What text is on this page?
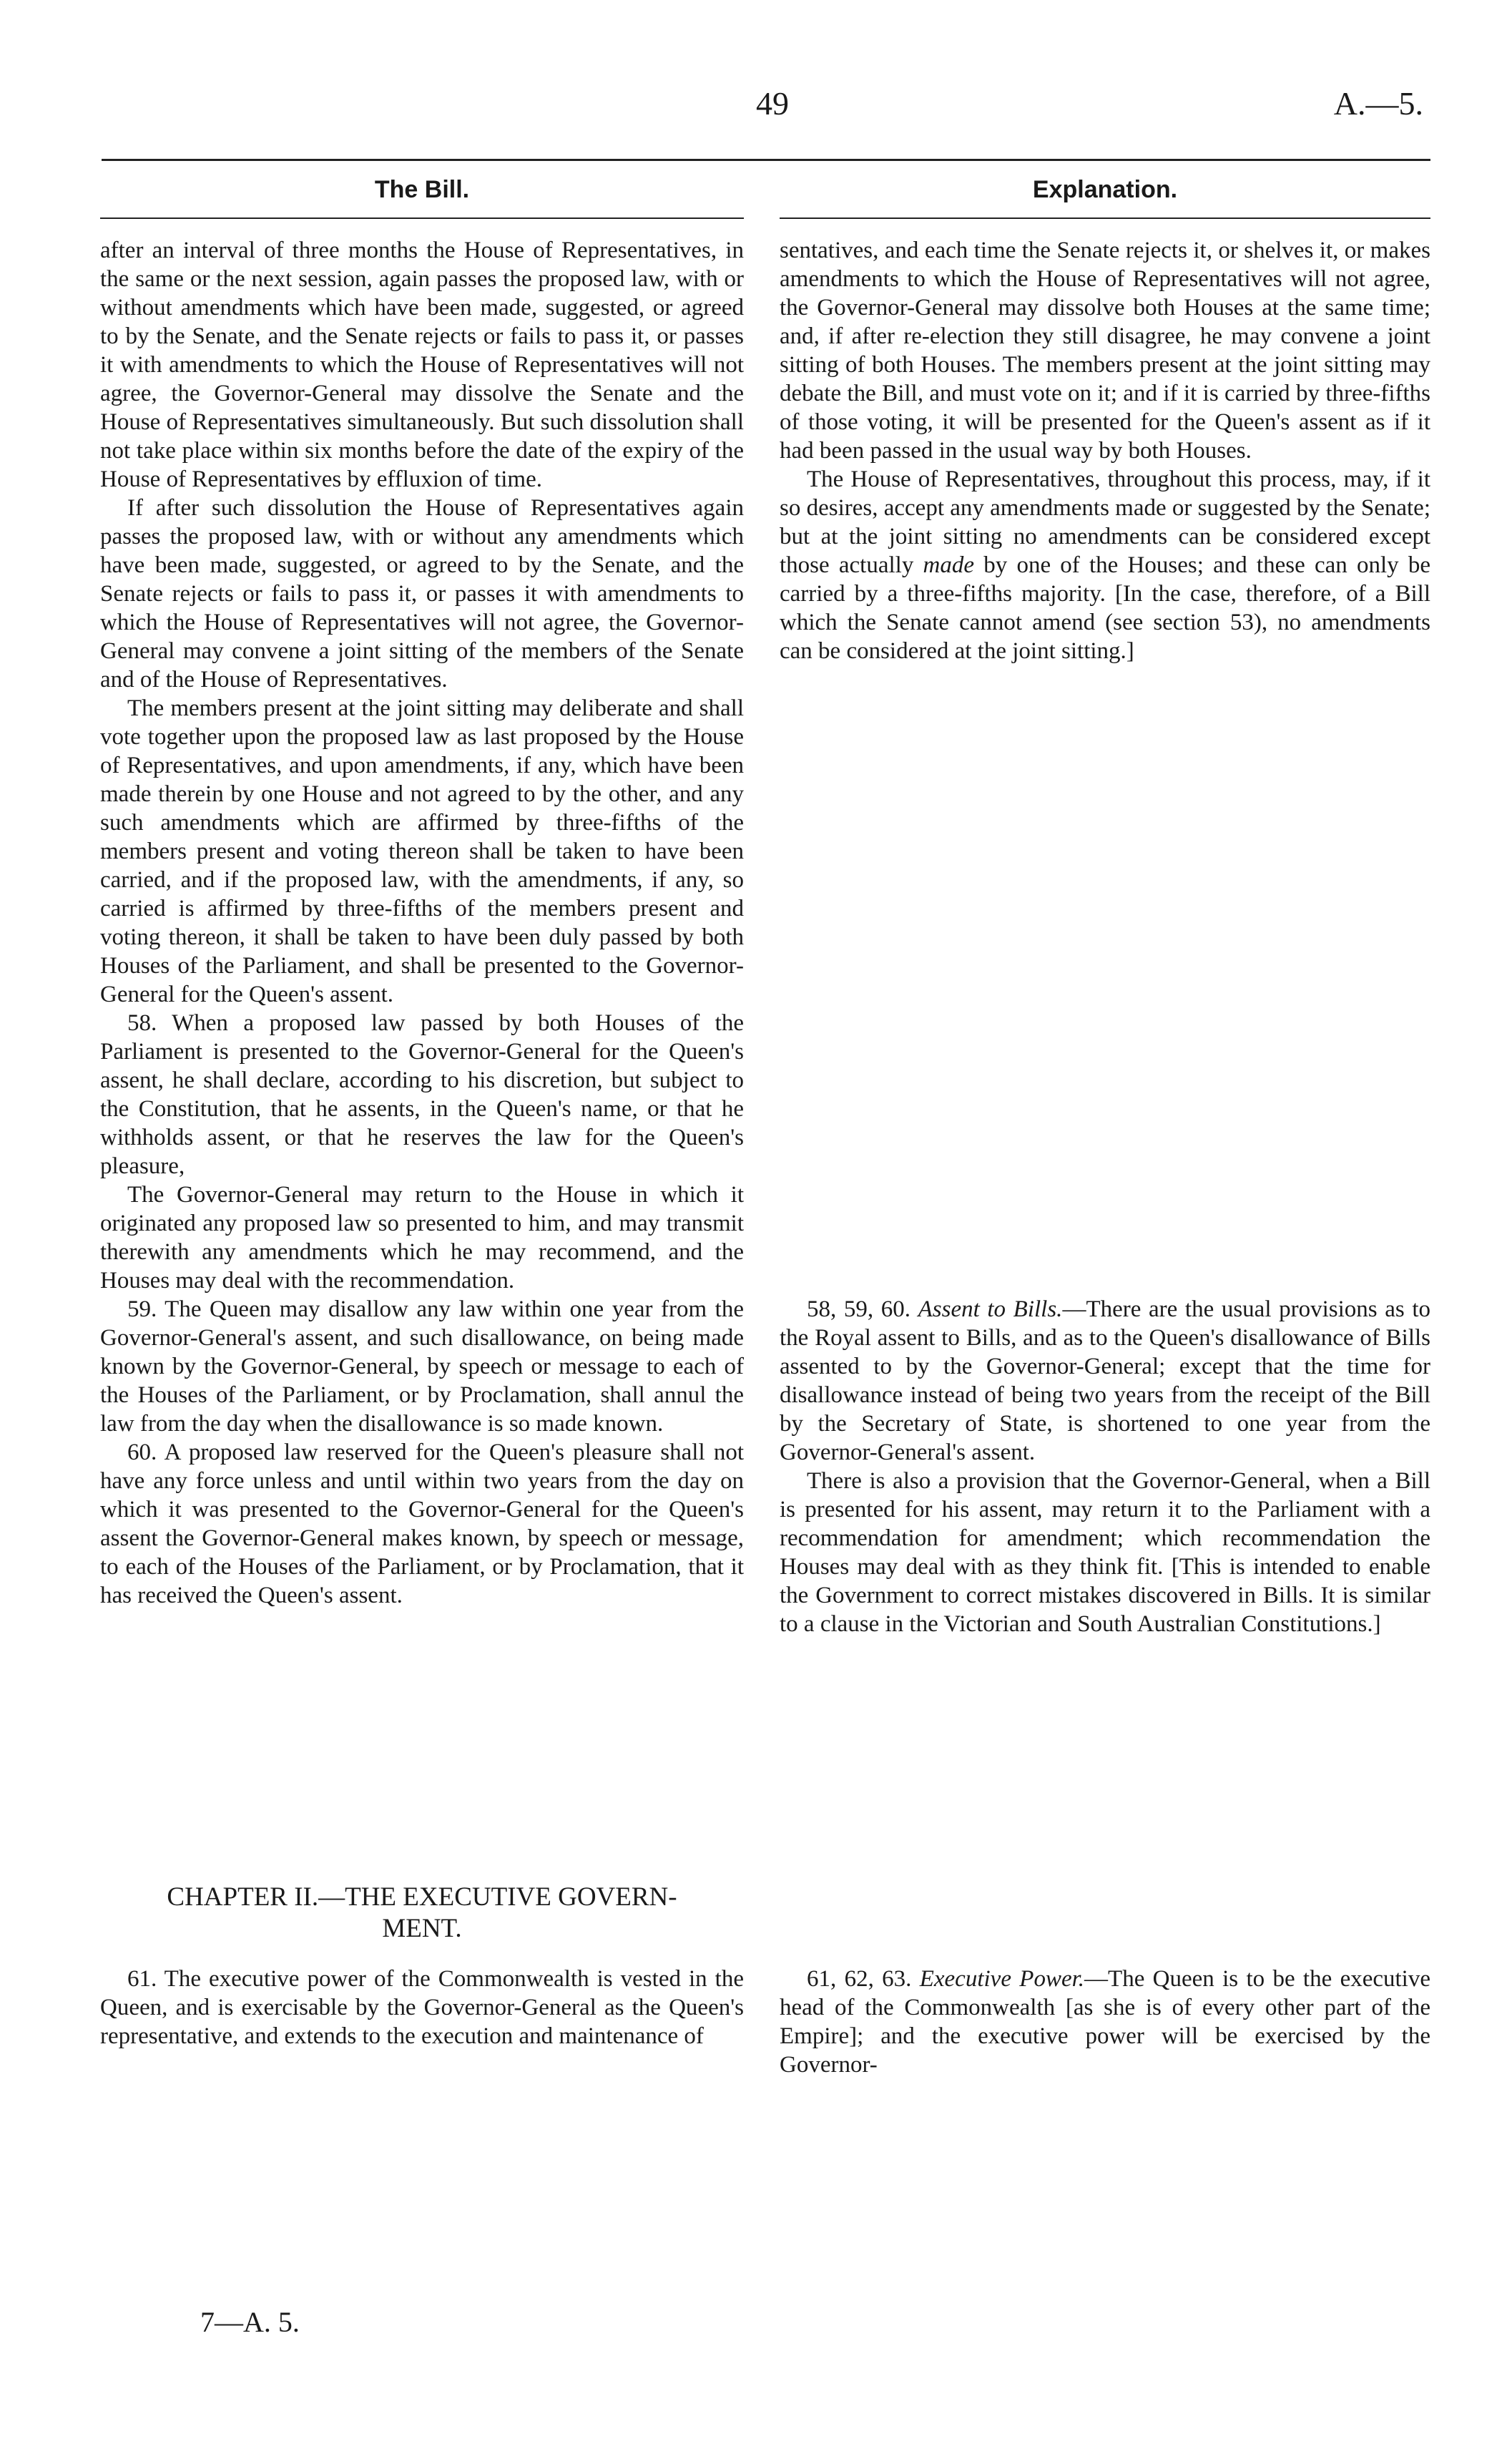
49	A.—5.
The Bill.	Explanation.

after an interval of three months the House of Representatives, in the same or the next session, again passes the proposed law, with or without amendments which have been made, suggested, or agreed to by the Senate, and the Senate rejects or fails to pass it, or passes it with amendments to which the House of Representatives will not agree, the Governor-General may dissolve the Senate and the House of Representatives simultaneously. But such dissolution shall not take place within six months before the date of the expiry of the House of Representatives by effluxion of time.

If after such dissolution the House of Representatives again passes the proposed law, with or without any amendments which have been made, suggested, or agreed to by the Senate, and the Senate rejects or fails to pass it, or passes it with amendments to which the House of Representatives will not agree, the Governor-General may convene a joint sitting of the members of the Senate and of the House of Representatives.

The members present at the joint sitting may deliberate and shall vote together upon the proposed law as last proposed by the House of Representatives, and upon amendments, if any, which have been made therein by one House and not agreed to by the other, and any such amendments which are affirmed by three-fifths of the members present and voting thereon shall be taken to have been carried, and if the proposed law, with the amendments, if any, so carried is affirmed by three-fifths of the members present and voting thereon, it shall be taken to have been duly passed by both Houses of the Parliament, and shall be presented to the Governor-General for the Queen's assent.

58. When a proposed law passed by both Houses of the Parliament is presented to the Governor-General for the Queen's assent, he shall declare, according to his discretion, but subject to the Constitution, that he assents, in the Queen's name, or that he withholds assent, or that he reserves the law for the Queen's pleasure,

The Governor-General may return to the House in which it originated any proposed law so presented to him, and may transmit therewith any amendments which he may recommend, and the Houses may deal with the recommendation.

59. The Queen may disallow any law within one year from the Governor-General's assent, and such disallowance, on being made known by the Governor-General, by speech or message to each of the Houses of the Parliament, or by Proclamation, shall annul the law from the day when the disallowance is so made known.

60. A proposed law reserved for the Queen's pleasure shall not have any force unless and until within two years from the day on which it was presented to the Governor-General for the Queen's assent the Governor-General makes known, by speech or message, to each of the Houses of the Parliament, or by Proclamation, that it has received the Queen's assent.

CHAPTER II.—THE EXECUTIVE GOVERN-
MENT.

61. The executive power of the Commonwealth is vested in the Queen, and is exercisable by the Governor-General as the Queen's representative, and extends to the execution and maintenance of

7—A. 5.

sentatives, and each time the Senate rejects it, or shelves it, or makes amendments to which the House of Representatives will not agree, the Governor-General may dissolve both Houses at the same time; and, if after re-election they still disagree, he may convene a joint sitting of both Houses. The members present at the joint sitting may debate the Bill, and must vote on it; and if it is carried by three-fifths of those voting, it will be presented for the Queen's assent as if it had been passed in the usual way by both Houses.

The House of Representatives, throughout this process, may, if it so desires, accept any amendments made or suggested by the Senate; but at the joint sitting no amendments can be considered except those actually made by one of the Houses; and these can only be carried by a three-fifths majority. [In the case, therefore, of a Bill which the Senate cannot amend (see section 53), no amendments can be considered at the joint sitting.]

58, 59, 60. Assent to Bills.—There are the usual provisions as to the Royal assent to Bills, and as to the Queen's disallowance of Bills assented to by the Governor-General; except that the time for disallowance instead of being two years from the receipt of the Bill by the Secretary of State, is shortened to one year from the Governor-General's assent.

There is also a provision that the Governor-General, when a Bill is presented for his assent, may return it to the Parliament with a recommendation for amendment; which recommendation the Houses may deal with as they think fit. [This is intended to enable the Government to correct mistakes discovered in Bills. It is similar to a clause in the Victorian and South Australian Constitutions.]

61, 62, 63. Executive Power.—The Queen is to be the executive head of the Commonwealth [as she is of every other part of the Empire]; and the executive power will be exercised by the Governor-
